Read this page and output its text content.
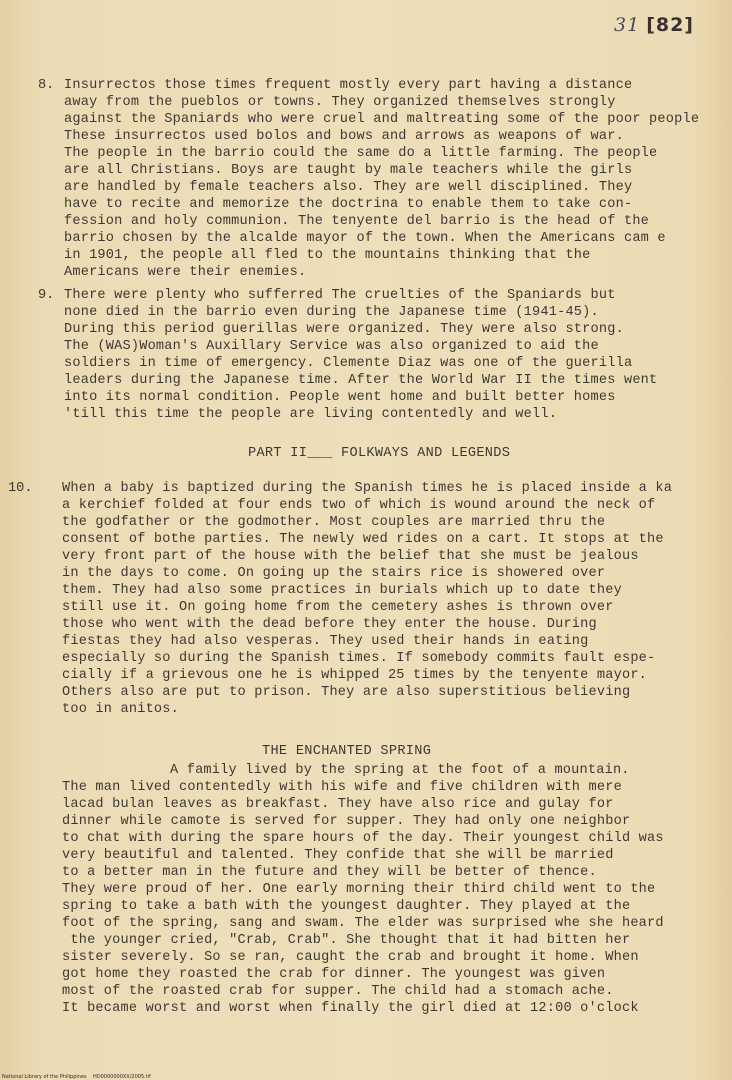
31 [82]
8. Insurrectos those times frequent mostly every part having a distance
away from the pueblos or towns. They organized themselves strongly
against the Spaniards who were cruel and maltreating some of the poor people
These insurrectos used bolos and bows and arrows as weapons of war.
The people in the barrio could the same do a little farming. The people
are all Christians. Boys are taught by male teachers while the girls
are handled by female teachers also. They are well disciplined. They
have to recite and memorize the doctrina to enable them to take con-
fession and holy communion. The tenyente del barrio is the head of the
barrio chosen by the alcalde mayor of the town. When the Americans cam e
in 1901, the people all fled to the mountains thinking that the
Americans were their enemies.
9. There were plenty who sufferred The cruelties of the Spaniards but
none died in the barrio even during the Japanese time (1941-45).
During this period guerillas were organized. They were also strong.
The (WAS)Woman's Auxillary Service was also organized to aid the
soldiers in time of emergency. Clemente Diaz was one of the guerilla
leaders during the Japanese time. After the World War II the times went
into its normal condition. People went home and built better homes
'till this time the people are living contentedly and well.
PART II___ FOLKWAYS AND LEGENDS
10. When a baby is baptized during the Spanish times he is placed inside a ka
a kerchief folded at four ends two of which is wound around the neck of
the godfather or the godmother. Most couples are married thru the
consent of bothe parties. The newly wed rides on a cart. It stops at the
very front part of the house with the belief that she must be jealous
in the days to come. On going up the stairs rice is showered over
them. They had also some practices in burials which up to date they
still use it. On going home from the cemetery ashes is thrown over
those who went with the dead before they enter the house. During
fiestas they had also vesperas. They used their hands in eating
especially so during the Spanish times. If somebody commits fault espe-
cially if a grievous one he is whipped 25 times by the tenyente mayor.
Others also are put to prison. They are also superstitious believing
too in anitos.
THE ENCHANTED SPRING
A family lived by the spring at the foot of a mountain.
The man lived contentedly with his wife and five children with mere
lacad bulan leaves as breakfast. They have also rice and gulay for
dinner while camote is served for supper. They had only one neighbor
to chat with during the spare hours of the day. Their youngest child was
very beautiful and talented. They confide that she will be married
to a better man in the future and they will be better of thence.
They were proud of her. One early morning their third child went to the
spring to take a bath with the youngest daughter. They played at the
foot of the spring, sang and swam. The elder was surprised whe she heard
the younger cried, "Crab, Crab". She thought that it had bitten her
sister severely. So se ran, caught the crab and brought it home. When
got home they roasted the crab for dinner. The youngest was given
most of the roasted crab for supper. The child had a stomach ache.
It became worst and worst when finally the girl died at 12:00 o'clock
National Library of the Philippines    HD0000000XX/2005.tif
